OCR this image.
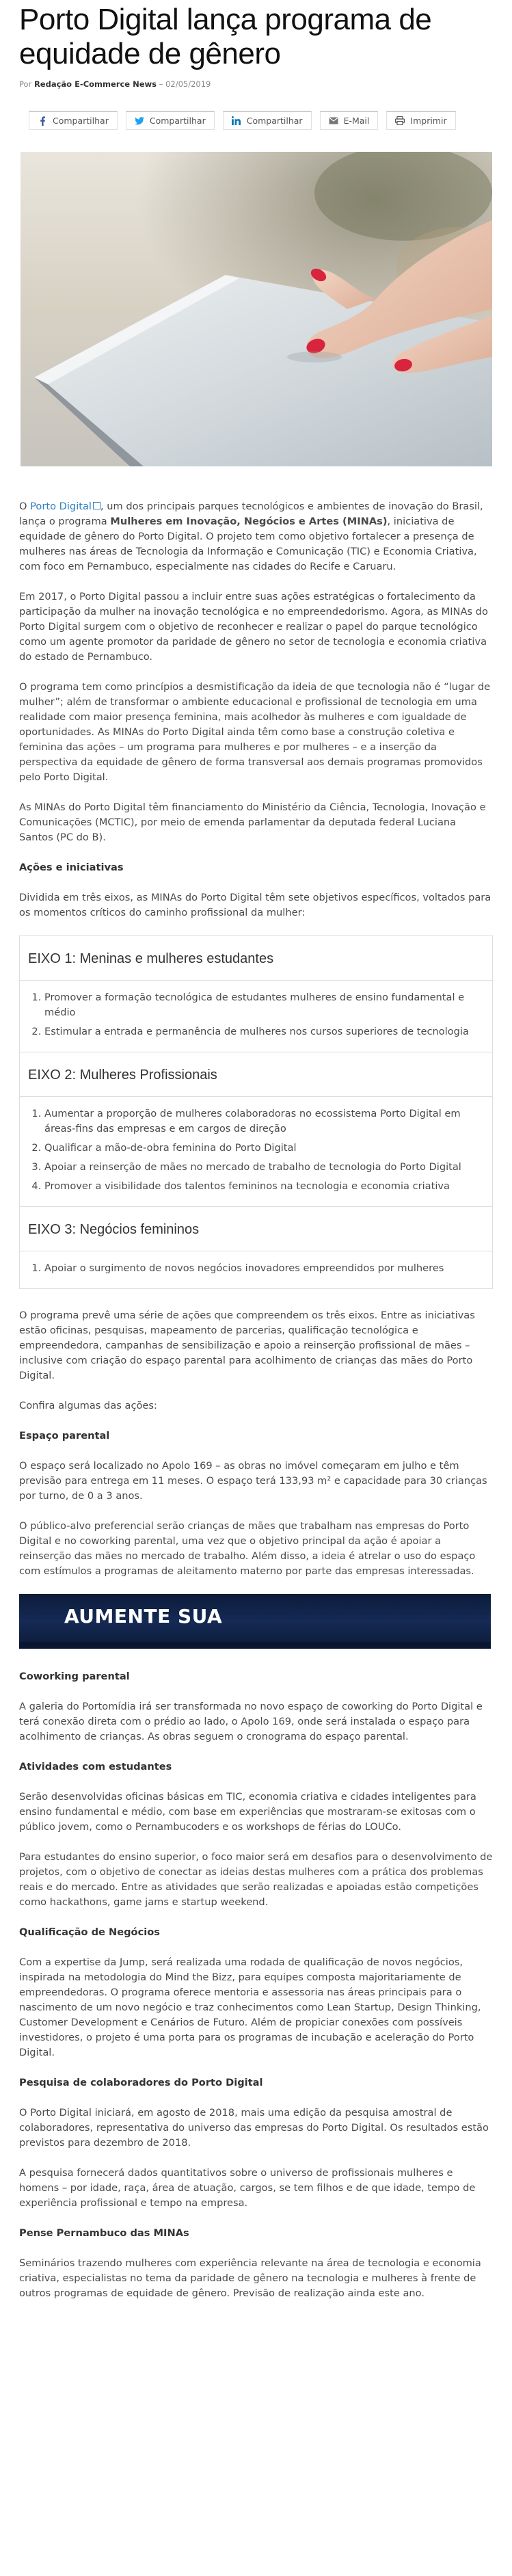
Porto Digital lança programa de equidade de gênero
Por Redação E-Commerce News – 02/05/2019
Compartilhar	Compartilhar	Compartilhar	E-Mail	Imprimir

O Porto Digital , um dos principais parques tecnológicos e ambientes de inovação do Brasil, lança o programa Mulheres em Inovação, Negócios e Artes (MINAs), iniciativa de equidade de gênero do Porto Digital. O projeto tem como objetivo fortalecer a presença de mulheres nas áreas de Tecnologia da Informação e Comunicação (TIC) e Economia Criativa, com foco em Pernambuco, especialmente nas cidades do Recife e Caruaru.

Em 2017, o Porto Digital passou a incluir entre suas ações estratégicas o fortalecimento da participação da mulher na inovação tecnológica e no empreendedorismo. Agora, as MINAs do Porto Digital surgem com o objetivo de reconhecer e realizar o papel do parque tecnológico como um agente promotor da paridade de gênero no setor de tecnologia e economia criativa do estado de Pernambuco.

O programa tem como princípios a desmistificação da ideia de que tecnologia não é “lugar de mulher”; além de transformar o ambiente educacional e profissional de tecnologia em uma realidade com maior presença feminina, mais acolhedor às mulheres e com igualdade de oportunidades. As MINAs do Porto Digital ainda têm como base a construção coletiva e feminina das ações – um programa para mulheres e por mulheres – e a inserção da perspectiva da equidade de gênero de forma transversal aos demais programas promovidos pelo Porto Digital.

As MINAs do Porto Digital têm financiamento do Ministério da Ciência, Tecnologia, Inovação e Comunicações (MCTIC), por meio de emenda parlamentar da deputada federal Luciana Santos (PC do B).

Ações e iniciativas

Dividida em três eixos, as MINAs do Porto Digital têm sete objetivos específicos, voltados para os momentos críticos do caminho profissional da mulher:

EIXO 1: Meninas e mulheres estudantes
1. Promover a formação tecnológica de estudantes mulheres de ensino fundamental e médio
2. Estimular a entrada e permanência de mulheres nos cursos superiores de tecnologia
EIXO 2: Mulheres Profissionais
1. Aumentar a proporção de mulheres colaboradoras no ecossistema Porto Digital em áreas-fins das empresas e em cargos de direção
2. Qualificar a mão-de-obra feminina do Porto Digital
3. Apoiar a reinserção de mães no mercado de trabalho de tecnologia do Porto Digital
4. Promover a visibilidade dos talentos femininos na tecnologia e economia criativa
EIXO 3: Negócios femininos
1. Apoiar o surgimento de novos negócios inovadores empreendidos por mulheres

O programa prevê uma série de ações que compreendem os três eixos. Entre as iniciativas estão oficinas, pesquisas, mapeamento de parcerias, qualificação tecnológica e empreendedora, campanhas de sensibilização e apoio a reinserção profissional de mães – inclusive com criação do espaço parental para acolhimento de crianças das mães do Porto Digital.

Confira algumas das ações:

Espaço parental

O espaço será localizado no Apolo 169 – as obras no imóvel começaram em julho e têm previsão para entrega em 11 meses. O espaço terá 133,93 m² e capacidade para 30 crianças por turno, de 0 a 3 anos.

O público-alvo preferencial serão crianças de mães que trabalham nas empresas do Porto Digital e no coworking parental, uma vez que o objetivo principal da ação é apoiar a reinserção das mães no mercado de trabalho. Além disso, a ideia é atrelar o uso do espaço com estímulos a programas de aleitamento materno por parte das empresas interessadas.

AUMENTE SUA
Coworking parental

A galeria do Portomídia irá ser transformada no novo espaço de coworking do Porto Digital e terá conexão direta com o prédio ao lado, o Apolo 169, onde será instalada o espaço para acolhimento de crianças. As obras seguem o cronograma do espaço parental.

Atividades com estudantes

Serão desenvolvidas oficinas básicas em TIC, economia criativa e cidades inteligentes para ensino fundamental e médio, com base em experiências que mostraram-se exitosas com o público jovem, como o Pernambucoders e os workshops de férias do LOUCo.

Para estudantes do ensino superior, o foco maior será em desafios para o desenvolvimento de projetos, com o objetivo de conectar as ideias destas mulheres com a prática dos problemas reais e do mercado. Entre as atividades que serão realizadas e apoiadas estão competições como hackathons, game jams e startup weekend.

Qualificação de Negócios

Com a expertise da Jump, será realizada uma rodada de qualificação de novos negócios, inspirada na metodologia do Mind the Bizz, para equipes composta majoritariamente de empreendedoras. O programa oferece mentoria e assessoria nas áreas principais para o nascimento de um novo negócio e traz conhecimentos como Lean Startup, Design Thinking, Customer Development e Cenários de Futuro. Além de propiciar conexões com possíveis investidores, o projeto é uma porta para os programas de incubação e aceleração do Porto Digital.

Pesquisa de colaboradores do Porto Digital

O Porto Digital iniciará, em agosto de 2018, mais uma edição da pesquisa amostral de colaboradores, representativa do universo das empresas do Porto Digital. Os resultados estão previstos para dezembro de 2018.

A pesquisa fornecerá dados quantitativos sobre o universo de profissionais mulheres e homens – por idade, raça, área de atuação, cargos, se tem filhos e de que idade, tempo de experiência profissional e tempo na empresa.

Pense Pernambuco das MINAs

Seminários trazendo mulheres com experiência relevante na área de tecnologia e economia criativa, especialistas no tema da paridade de gênero na tecnologia e mulheres à frente de outros programas de equidade de gênero. Previsão de realização ainda este ano.
